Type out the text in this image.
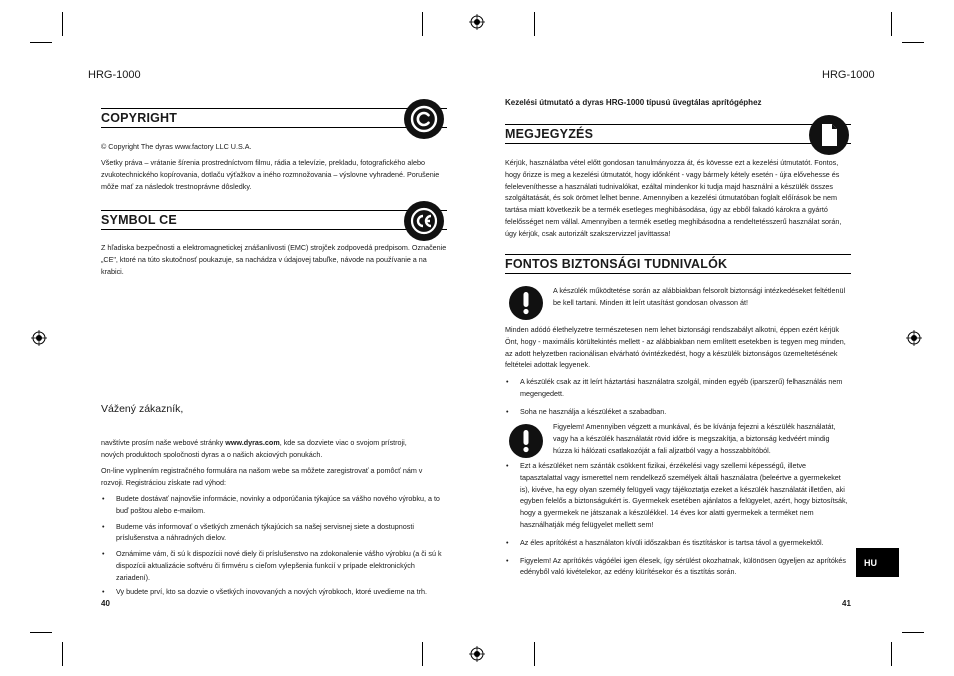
HRG-1000
COPYRIGHT
© Copyright The dyras www.factory LLC U.S.A.
Všetky práva – vrátanie šírenia prostredníctvom filmu, rádia a televízie, prekladu, fotografického alebo zvukotechnického kopírovania, dotlaču výťažkov a iného rozmnožovania – výslovne vyhradené. Porušenie môže mať za následok trestnoprávne dôsledky.
SYMBOL CE
Z hľadiska bezpečnosti a elektromagnetickej znášanlivosti (EMC) strojček zodpovedá predpisom. Označenie „CE", ktoré na túto skutočnosť poukazuje, sa nachádza v údajovej tabuľke, návode na používanie a na krabici.
Vážený zákazník,
navštívte prosím naše webové stránky www.dyras.com, kde sa dozviete viac o svojom prístroji, nových produktoch spoločnosti dyras a o našich akciových ponukách.
On-line vyplnením registračného formulára na našom webe sa môžete zaregistrovať a pomôcť nám v rozvoji. Registráciou získate rad výhod:
• Budete dostávať najnovšie informácie, novinky a odporúčania týkajúce sa vášho nového výrobku, a to buď poštou alebo e-mailom.
• Budeme vás informovať o všetkých zmenách týkajúcich sa našej servisnej siete a dostupnosti príslušenstva a náhradných dielov.
• Oznámime vám, či sú k dispozícii nové diely či príslušenstvo na zdokonalenie vášho výrobku (a či sú k dispozícii aktualizácie softvéru či firmvéru s cieľom vylepšenia funkcií v prípade elektronických zariadení).
• Vy budete prví, kto sa dozvie o všetkých inovovaných a nových výrobkoch, ktoré uvedieme na trh.
40
HRG-1000
Kezelési útmutató a dyras HRG-1000 típusú üvegtálas aprítógéphez
MEGJEGYZÉS
Kérjük, használatba vétel előtt gondosan tanulmányozza át, és kövesse ezt a kezelési útmutatót. Fontos, hogy őrizze is meg a kezelési útmutatót, hogy időnként - vagy bármely kétely esetén - újra elővehesse és feleleveníthesse a használati tudnivalókat, ezáltal mindenkor ki tudja majd használni a készülék összes szolgáltatását, és sok örömet lelhet benne. Amennyiben a kezelési útmutatóban foglalt előírások be nem tartása miatt következik be a termék esetleges meghibásodása, úgy az ebből fakadó károkra a gyártó felelősséget nem vállal. Amennyiben a termék esetleg meghibásodna a rendeltetésszerű használat során, úgy kérjük, csak autorizált szakszervizzel javíttassa!
FONTOS BIZTONSÁGI TUDNIVALÓK
A készülék működtetése során az alábbiakban felsorolt biztonsági intézkedéseket feltétlenül be kell tartani. Minden itt leírt utasítást gondosan olvasson át!
Minden adódó élethelyzetre természetesen nem lehet biztonsági rendszabályt alkotni, éppen ezért kérjük Önt, hogy - maximális körültekintés mellett - az alábbiakban nem említett esetekben is tegyen meg minden, az adott helyzetben racionálisan elvárható óvintézkedést, hogy a készülék biztonságos üzemeltetésének feltételei adottak legyenek.
• A készülék csak az itt leírt háztartási használatra szolgál, minden egyéb (iparszerű) felhasználás nem megengedett.
• Soha ne használja a készüléket a szabadban.
Figyelem! Amennyiben végzett a munkával, és be kívánja fejezni a készülék használatát, vagy ha a készülék használatát rövid időre is megszakítja, a biztonság kedvéért mindig húzza ki hálózati csatlakozóját a fali aljzatból vagy a hosszabbítóból.
• Ezt a készüléket nem szánták csökkent fizikai, érzékelési vagy szellemi képességű, illetve tapasztalattal vagy ismerettel nem rendelkező személyek általi használatra (beleértve a gyermekeket is), kivéve, ha egy olyan személy felügyeli vagy tájékoztatja ezeket a készülék használatát illetően, aki egyben felelős a biztonságukért is. Gyermekek esetében ajánlatos a felügyelet, azért, hogy biztosítsák, hogy a gyermekek ne játszanak a készülékkel. 14 éves kor alatti gyermekek a terméket nem használhatják még felügyelet mellett sem!
• Az éles aprítókést a használaton kívüli időszakban és tisztításkor is tartsa távol a gyermekektől.
• Figyelem! Az aprítókés vágóélei igen élesek, így sérülést okozhatnak, különösen ügyeljen az aprítókés edényből való kivételekor, az edény kiürítésekor és a tisztítás során.
HU
41
